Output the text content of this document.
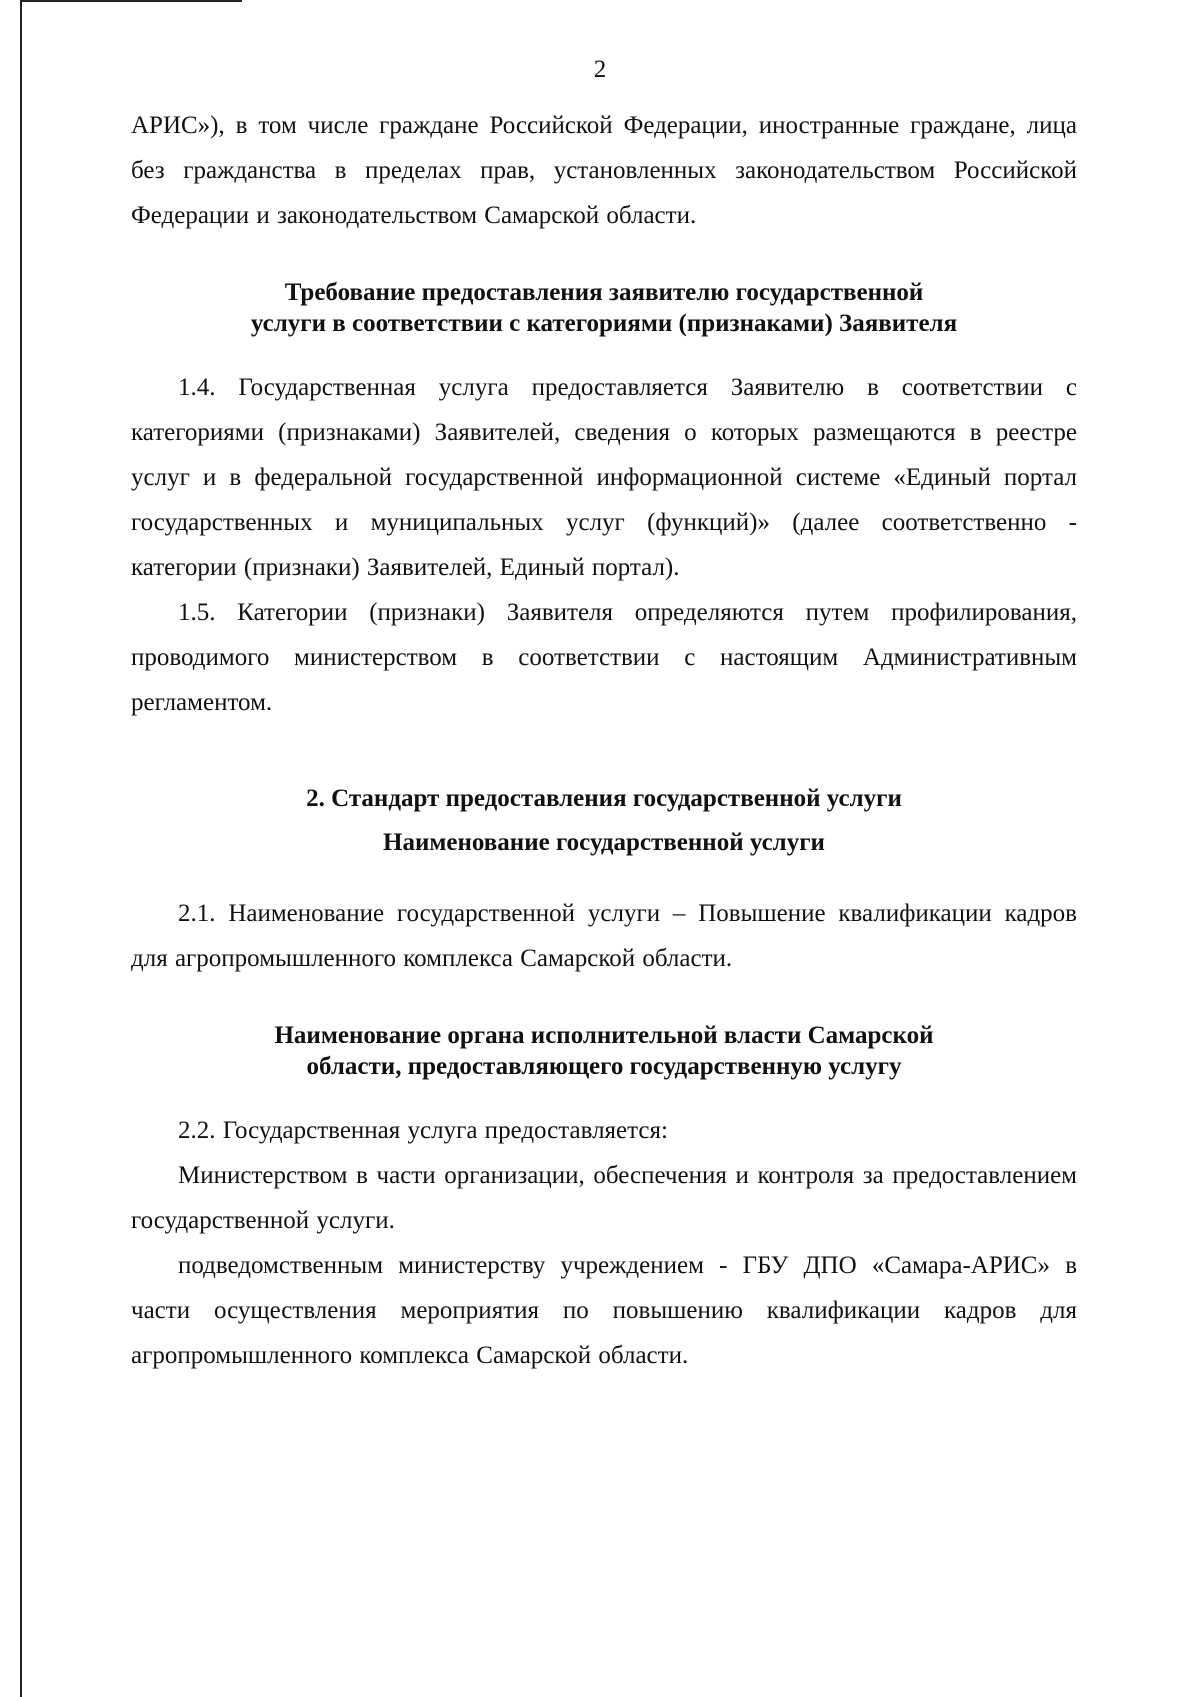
2

АРИС»), в том числе граждане Российской Федерации, иностранные граждане, лица без гражданства в пределах прав, установленных законодательством Российской Федерации и законодательством Самарской области.

Требование предоставления заявителю государственной

услуги в соответствии с категориями (признаками) Заявителя

1.4. Государственная услуга предоставляется Заявителю в соответствии с категориями (признаками) Заявителей, сведения о которых размещаются в реестре услуг и в федеральной государственной информационной системе «Единый портал государственных и муниципальных услуг (функций)» (далее соответственно - категории (признаки) Заявителей, Единый портал).

1.5. Категории (признаки) Заявителя определяются путем профилирования, проводимого министерством в соответствии с настоящим Административным регламентом.

2. Стандарт предоставления государственной услуги

Наименование государственной услуги

2.1. Наименование государственной услуги – Повышение квалификации кадров для агропромышленного комплекса Самарской области.

Наименование органа исполнительной власти Самарской

области, предоставляющего государственную услугу

2.2. Государственная услуга предоставляется:

Министерством в части организации, обеспечения и контроля за предоставлением государственной услуги.

подведомственным министерству учреждением - ГБУ ДПО «Самара-АРИС» в части осуществления мероприятия по повышению квалификации кадров для агропромышленного комплекса Самарской области.
